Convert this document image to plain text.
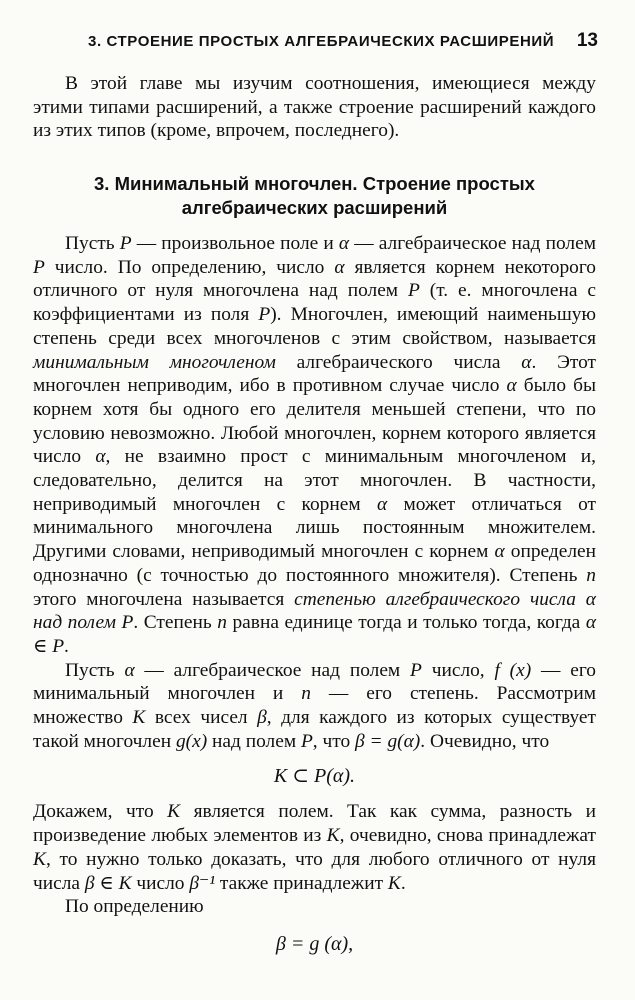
3. СТРОЕНИЕ ПРОСТЫХ АЛГЕБРАИЧЕСКИХ РАСШИРЕНИЙ 13

В этой главе мы изучим соотношения, имеющиеся между этими типами расширений, а также строение расширений каждого из этих типов (кроме, впрочем, последнего).

3. Минимальный многочлен. Строение простых
алгебраических расширений

Пусть P — произвольное поле и α — алгебраическое над полем P число. По определению, число α является корнем некоторого отличного от нуля многочлена над полем P (т. е. многочлена с коэффициентами из поля P). Многочлен, имеющий наименьшую степень среди всех многочленов с этим свойством, называется минимальным многочленом алгебраического числа α. Этот многочлен неприводим, ибо в противном случае число α было бы корнем хотя бы одного его делителя меньшей степени, что по условию невозможно. Любой многочлен, корнем которого является число α, не взаимно прост с минимальным многочленом и, следовательно, делится на этот многочлен. В частности, неприводимый многочлен с корнем α может отличаться от минимального многочлена лишь постоянным множителем. Другими словами, неприводимый многочлен с корнем α определен однозначно (с точностью до постоянного множителя). Степень n этого многочлена называется степенью алгебраического числа α над полем P. Степень n равна единице тогда и только тогда, когда α ∈ P.

Пусть α — алгебраическое над полем P число, f (x) — его минимальный многочлен и n — его степень. Рассмотрим множество K всех чисел β, для каждого из которых существует такой многочлен g(x) над полем P, что β = g(α). Очевидно, что

K ⊂ P(α).

Докажем, что K является полем. Так как сумма, разность и произведение любых элементов из K, очевидно, снова принадлежат K, то нужно только доказать, что для любого отличного от нуля числа β ∈ K число β⁻¹ также принадлежит K.

По определению

β = g (α),
